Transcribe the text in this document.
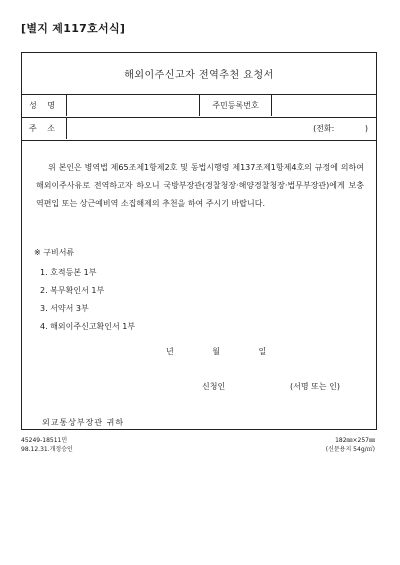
[별지 제117호서식]
해외이주신고자 전역추천 요청서
성 명	주민등록번호
주 소	(전화: )
위 본인은 병역법 제65조제1항제2호 및 동법시행령 제137조제1항제4호의 규정에 의하여 해외이주사유로 전역하고자 하오니 국방부장관(경찰청장·해양경찰청장·법무부장관)에게 보충역편입 또는 상근예비역 소집해제의 추천을 하여 주시기 바랍니다.
※ 구비서류
1. 호적등본 1부
2. 복무확인서 1부
3. 서약서 3부
4. 해외이주신고확인서 1부
년 월 일
신청인	(서명 또는 인)
외교통상부장관 귀하
45249-18511민
98.12.31.개정승인
182㎜×257㎜
(신문용지 54g/㎡)
